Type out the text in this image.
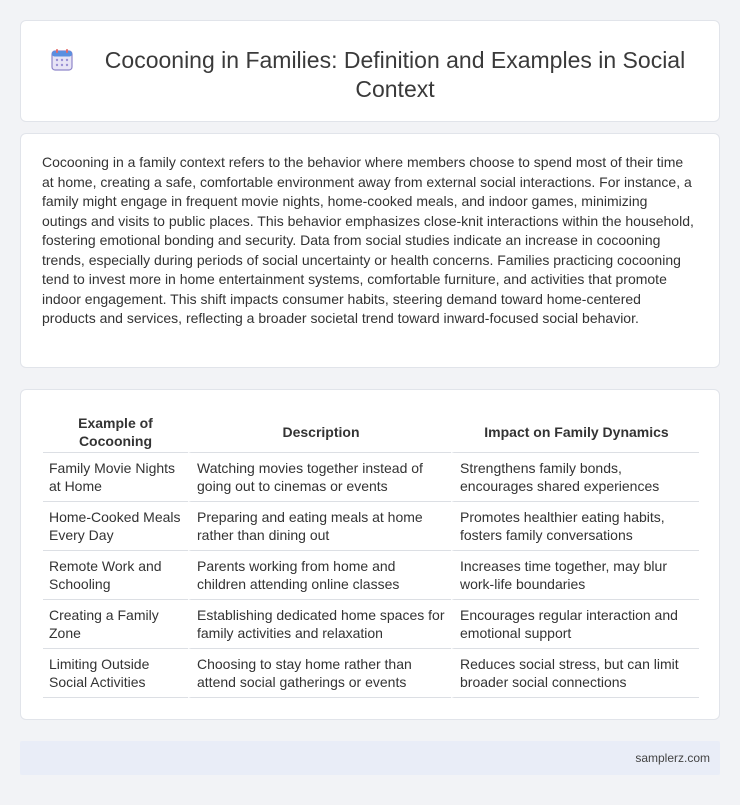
Cocooning in Families: Definition and Examples in Social Context

Cocooning in a family context refers to the behavior where members choose to spend most of their time at home, creating a safe, comfortable environment away from external social interactions. For instance, a family might engage in frequent movie nights, home-cooked meals, and indoor games, minimizing outings and visits to public places. This behavior emphasizes close-knit interactions within the household, fostering emotional bonding and security. Data from social studies indicate an increase in cocooning trends, especially during periods of social uncertainty or health concerns. Families practicing cocooning tend to invest more in home entertainment systems, comfortable furniture, and activities that promote indoor engagement. This shift impacts consumer habits, steering demand toward home-centered products and services, reflecting a broader societal trend toward inward-focused social behavior.

Example of Cocooning	Description	Impact on Family Dynamics
Family Movie Nights at Home	Watching movies together instead of going out to cinemas or events	Strengthens family bonds, encourages shared experiences
Home-Cooked Meals Every Day	Preparing and eating meals at home rather than dining out	Promotes healthier eating habits, fosters family conversations
Remote Work and Schooling	Parents working from home and children attending online classes	Increases time together, may blur work-life boundaries
Creating a Family Zone	Establishing dedicated home spaces for family activities and relaxation	Encourages regular interaction and emotional support
Limiting Outside Social Activities	Choosing to stay home rather than attend social gatherings or events	Reduces social stress, but can limit broader social connections
samplerz.com
